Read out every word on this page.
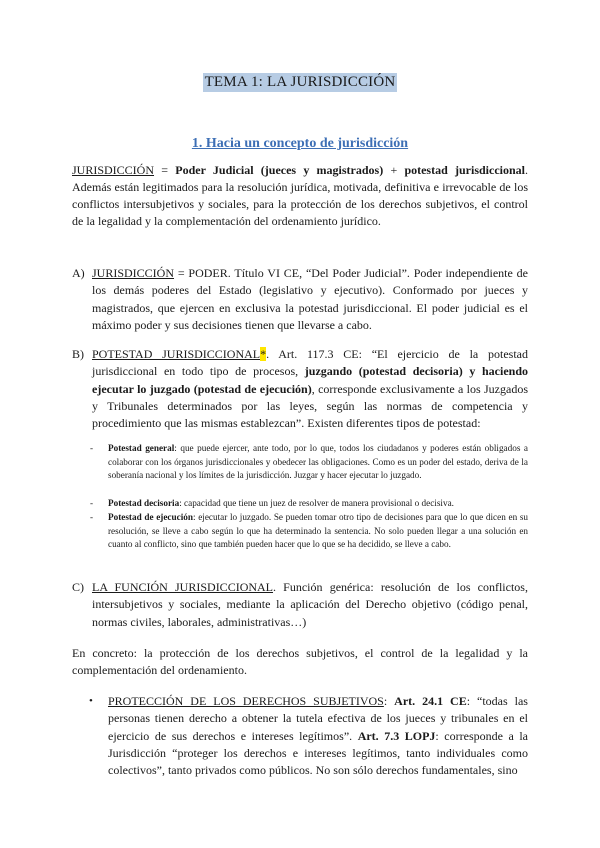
TEMA 1: LA JURISDICCIÓN
1. Hacia un concepto de jurisdicción

JURISDICCIÓN = Poder Judicial (jueces y magistrados) + potestad jurisdiccional. Además están legitimados para la resolución jurídica, motivada, definitiva e irrevocable de los conflictos intersubjetivos y sociales, para la protección de los derechos subjetivos, el control de la legalidad y la complementación del ordenamiento jurídico.

A) JURISDICCIÓN = PODER. Título VI CE, “Del Poder Judicial”. Poder independiente de los demás poderes del Estado (legislativo y ejecutivo). Conformado por jueces y magistrados, que ejercen en exclusiva la potestad jurisdiccional. El poder judicial es el máximo poder y sus decisiones tienen que llevarse a cabo.

B) POTESTAD JURISDICCIONAL*. Art. 117.3 CE: “El ejercicio de la potestad jurisdiccional en todo tipo de procesos, juzgando (potestad decisoria) y haciendo ejecutar lo juzgado (potestad de ejecución), corresponde exclusivamente a los Juzgados y Tribunales determinados por las leyes, según las normas de competencia y procedimiento que las mismas establezcan”. Existen diferentes tipos de potestad:

- Potestad general: que puede ejercer, ante todo, por lo que, todos los ciudadanos y poderes están obligados a colaborar con los órganos jurisdiccionales y obedecer las obligaciones. Como es un poder del estado, deriva de la soberanía nacional y los límites de la jurisdicción. Juzgar y hacer ejecutar lo juzgado.

- Potestad decisoria: capacidad que tiene un juez de resolver de manera provisional o decisiva.

- Potestad de ejecución: ejecutar lo juzgado. Se pueden tomar otro tipo de decisiones para que lo que dicen en su resolución, se lleve a cabo según lo que ha determinado la sentencia. No solo pueden llegar a una solución en cuanto al conflicto, sino que también pueden hacer que lo que se ha decidido, se lleve a cabo.

C) LA FUNCIÓN JURISDICCIONAL. Función genérica: resolución de los conflictos, intersubjetivos y sociales, mediante la aplicación del Derecho objetivo (código penal, normas civiles, laborales, administrativas…)

En concreto: la protección de los derechos subjetivos, el control de la legalidad y la complementación del ordenamiento.

• PROTECCIÓN DE LOS DERECHOS SUBJETIVOS: Art. 24.1 CE: “todas las personas tienen derecho a obtener la tutela efectiva de los jueces y tribunales en el ejercicio de sus derechos e intereses legítimos”. Art. 7.3 LOPJ: corresponde a la Jurisdicción “proteger los derechos e intereses legítimos, tanto individuales como colectivos”, tanto privados como públicos. No son sólo derechos fundamentales, sino
